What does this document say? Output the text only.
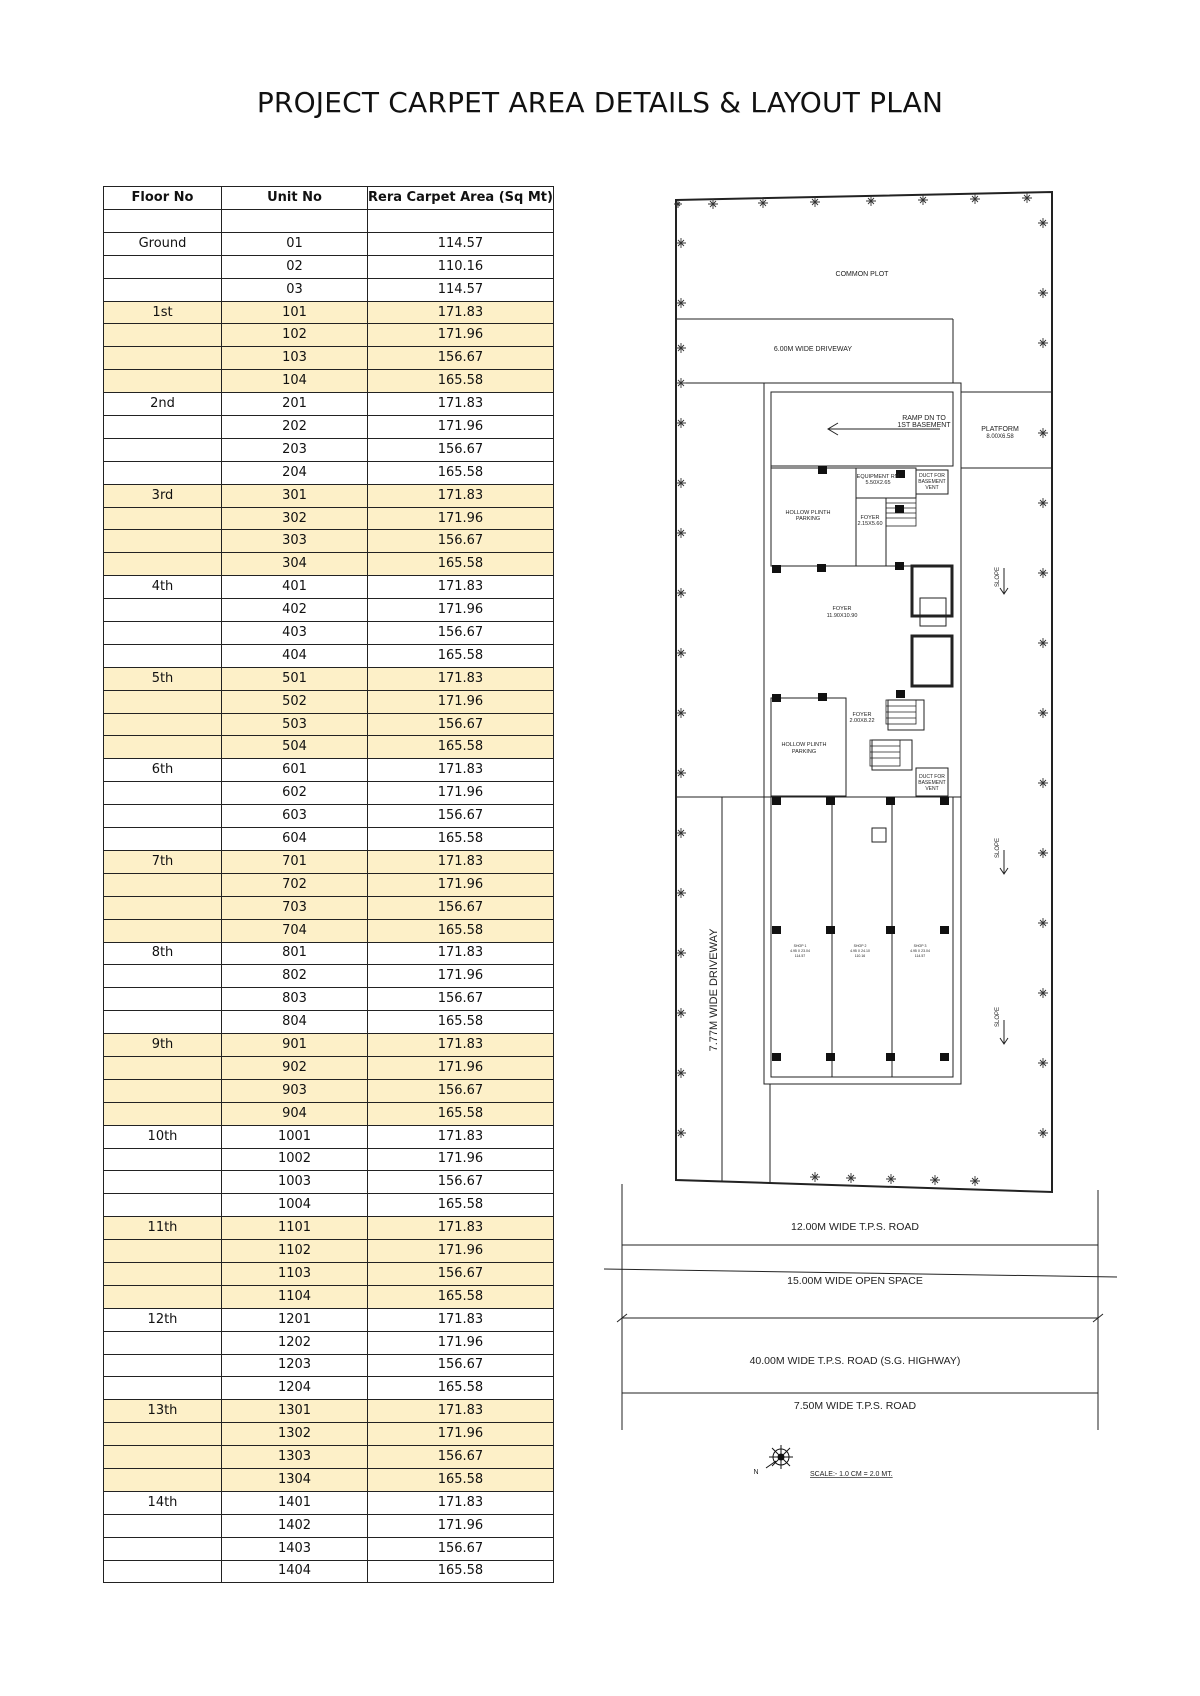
PROJECT CARPET AREA DETAILS & LAYOUT PLAN
Floor No	Unit No	Rera Carpet Area (Sq Mt)

Ground	01	114.57
	02	110.16
	03	114.57
1st	101	171.83
	102	171.96
	103	156.67
	104	165.58
2nd	201	171.83
	202	171.96
	203	156.67
	204	165.58
3rd	301	171.83
	302	171.96
	303	156.67
	304	165.58
4th	401	171.83
	402	171.96
	403	156.67
	404	165.58
5th	501	171.83
	502	171.96
	503	156.67
	504	165.58
6th	601	171.83
	602	171.96
	603	156.67
	604	165.58
7th	701	171.83
	702	171.96
	703	156.67
	704	165.58
8th	801	171.83
	802	171.96
	803	156.67
	804	165.58
9th	901	171.83
	902	171.96
	903	156.67
	904	165.58
10th	1001	171.83
	1002	171.96
	1003	156.67
	1004	165.58
11th	1101	171.83
	1102	171.96
	1103	156.67
	1104	165.58
12th	1201	171.83
	1202	171.96
	1203	156.67
	1204	165.58
13th	1301	171.83
	1302	171.96
	1303	156.67
	1304	165.58
14th	1401	171.83
	1402	171.96
	1403	156.67
	1404	165.58
COMMON PLOT
6.00M WIDE DRIVEWAY
RAMP DN TO
1ST BASEMENT
PLATFORM
8.00X6.58
EQUIPMENT RM
5.50X2.65
DUCT FOR
BASEMENT
VENT
HOLLOW PLINTH
PARKING	FOYER
2.15X5.60
FOYER
11.90X10.90
FOYER
2.00X8.22
HOLLOW PLINTH
PARKING
DUCT FOR
BASEMENT
VENT
SLOPE
SLOPE
SLOPE
7.77M WIDE DRIVEWAY	SHOP 1
4.95 X 23.04
114.57
SHOP 2
4.95 X 24.10
110.16
SHOP 3
4.95 X 23.04
114.57
12.00M WIDE T.P.S. ROAD
15.00M WIDE OPEN SPACE
40.00M WIDE T.P.S. ROAD (S.G. HIGHWAY)
7.50M WIDE T.P.S. ROAD
N	SCALE:- 1.0 CM = 2.0 MT.
